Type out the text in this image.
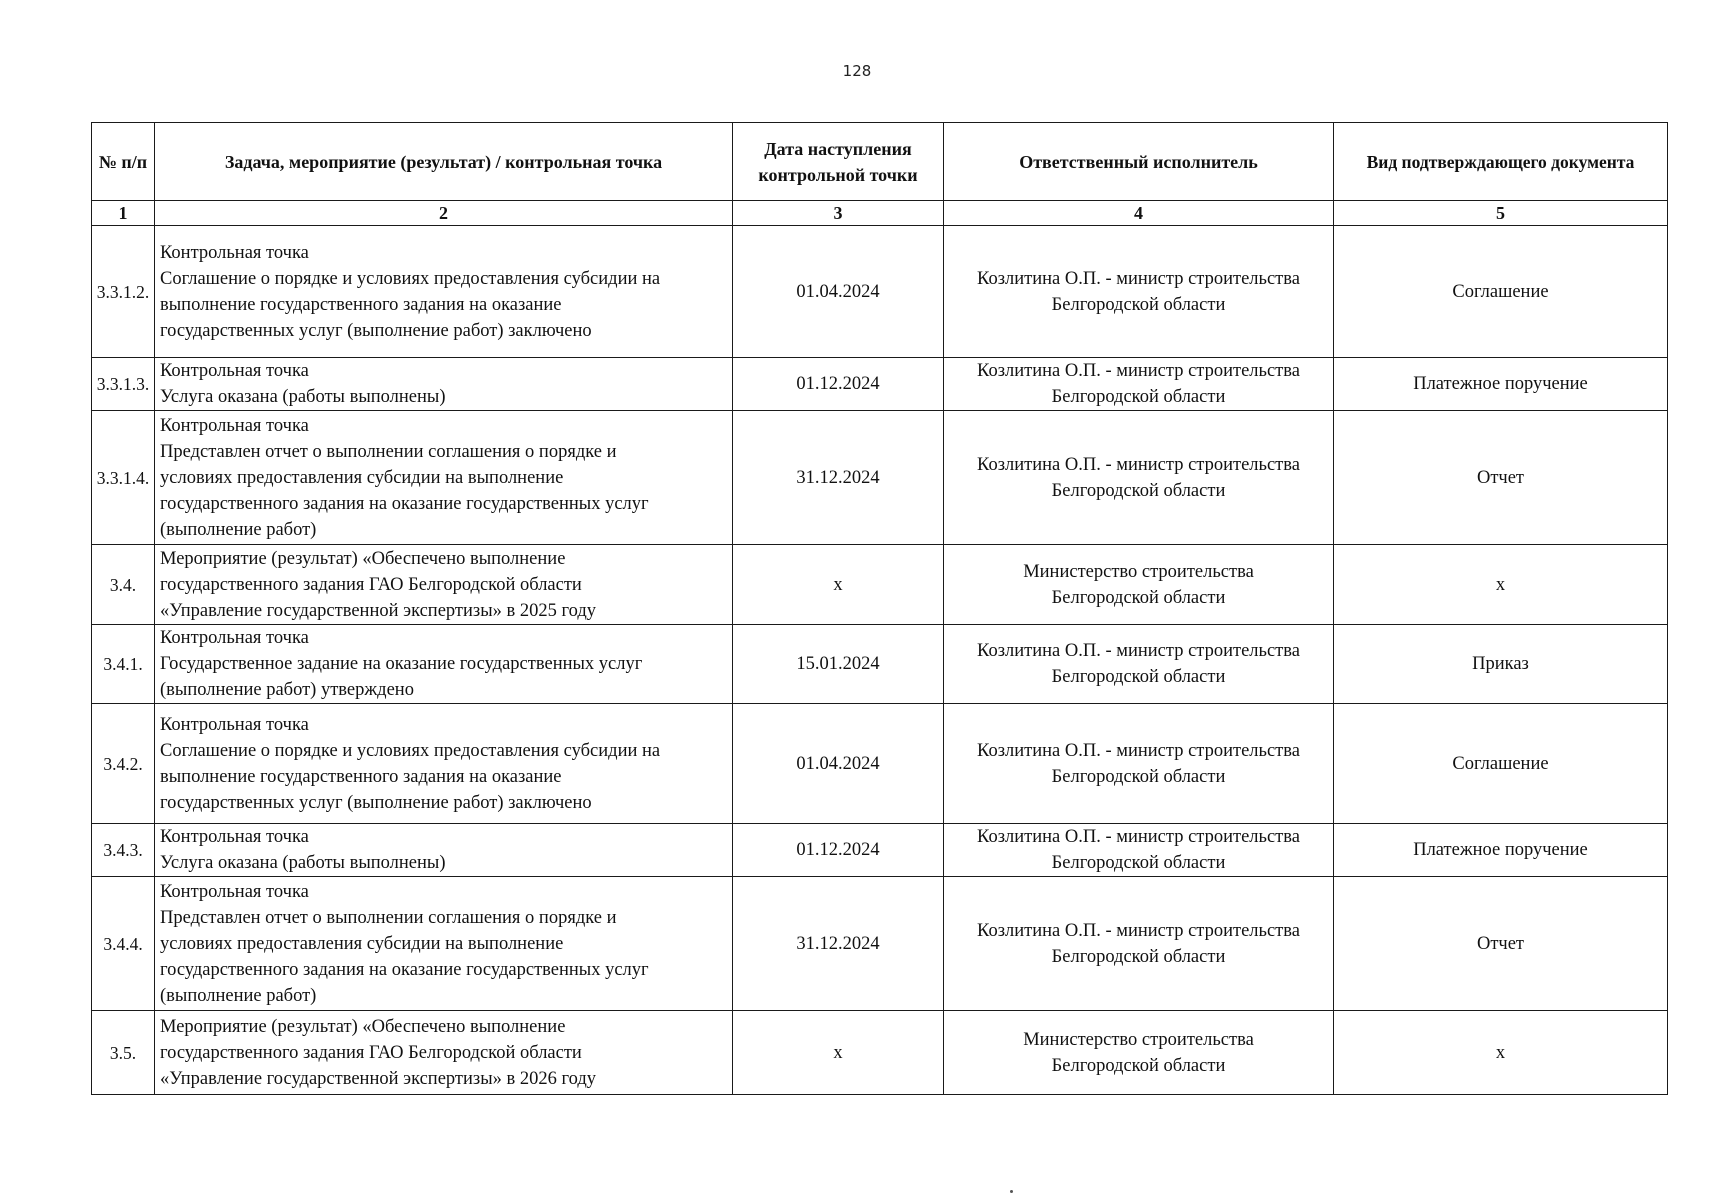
128
№ п/п	Задача, мероприятие (результат) / контрольная точка	Дата наступления
контрольной точки	Ответственный исполнитель	Вид подтверждающего документа
1	2	3	4	5
3.3.1.2.	Контрольная точка
Соглашение о порядке и условиях предоставления субсидии на
выполнение государственного задания на оказание
государственных услуг (выполнение работ) заключено	01.04.2024	Козлитина О.П. - министр строительства
Белгородской области	Соглашение
3.3.1.3.	Контрольная точка
Услуга оказана (работы выполнены)	01.12.2024	Козлитина О.П. - министр строительства
Белгородской области	Платежное поручение
3.3.1.4.	Контрольная точка
Представлен отчет о выполнении соглашения о порядке и
условиях предоставления субсидии на выполнение
государственного задания на оказание государственных услуг
(выполнение работ)	31.12.2024	Козлитина О.П. - министр строительства
Белгородской области	Отчет
3.4.	Мероприятие (результат) «Обеспечено выполнение
государственного задания ГАО Белгородской области
«Управление государственной экспертизы» в 2025 году	x	Министерство строительства
Белгородской области	x
3.4.1.	Контрольная точка
Государственное задание на оказание государственных услуг
(выполнение работ) утверждено	15.01.2024	Козлитина О.П. - министр строительства
Белгородской области	Приказ
3.4.2.	Контрольная точка
Соглашение о порядке и условиях предоставления субсидии на
выполнение государственного задания на оказание
государственных услуг (выполнение работ) заключено	01.04.2024	Козлитина О.П. - министр строительства
Белгородской области	Соглашение
3.4.3.	Контрольная точка
Услуга оказана (работы выполнены)	01.12.2024	Козлитина О.П. - министр строительства
Белгородской области	Платежное поручение
3.4.4.	Контрольная точка
Представлен отчет о выполнении соглашения о порядке и
условиях предоставления субсидии на выполнение
государственного задания на оказание государственных услуг
(выполнение работ)	31.12.2024	Козлитина О.П. - министр строительства
Белгородской области	Отчет
3.5.	Мероприятие (результат) «Обеспечено выполнение
государственного задания ГАО Белгородской области
«Управление государственной экспертизы» в 2026 году	x	Министерство строительства
Белгородской области	x
